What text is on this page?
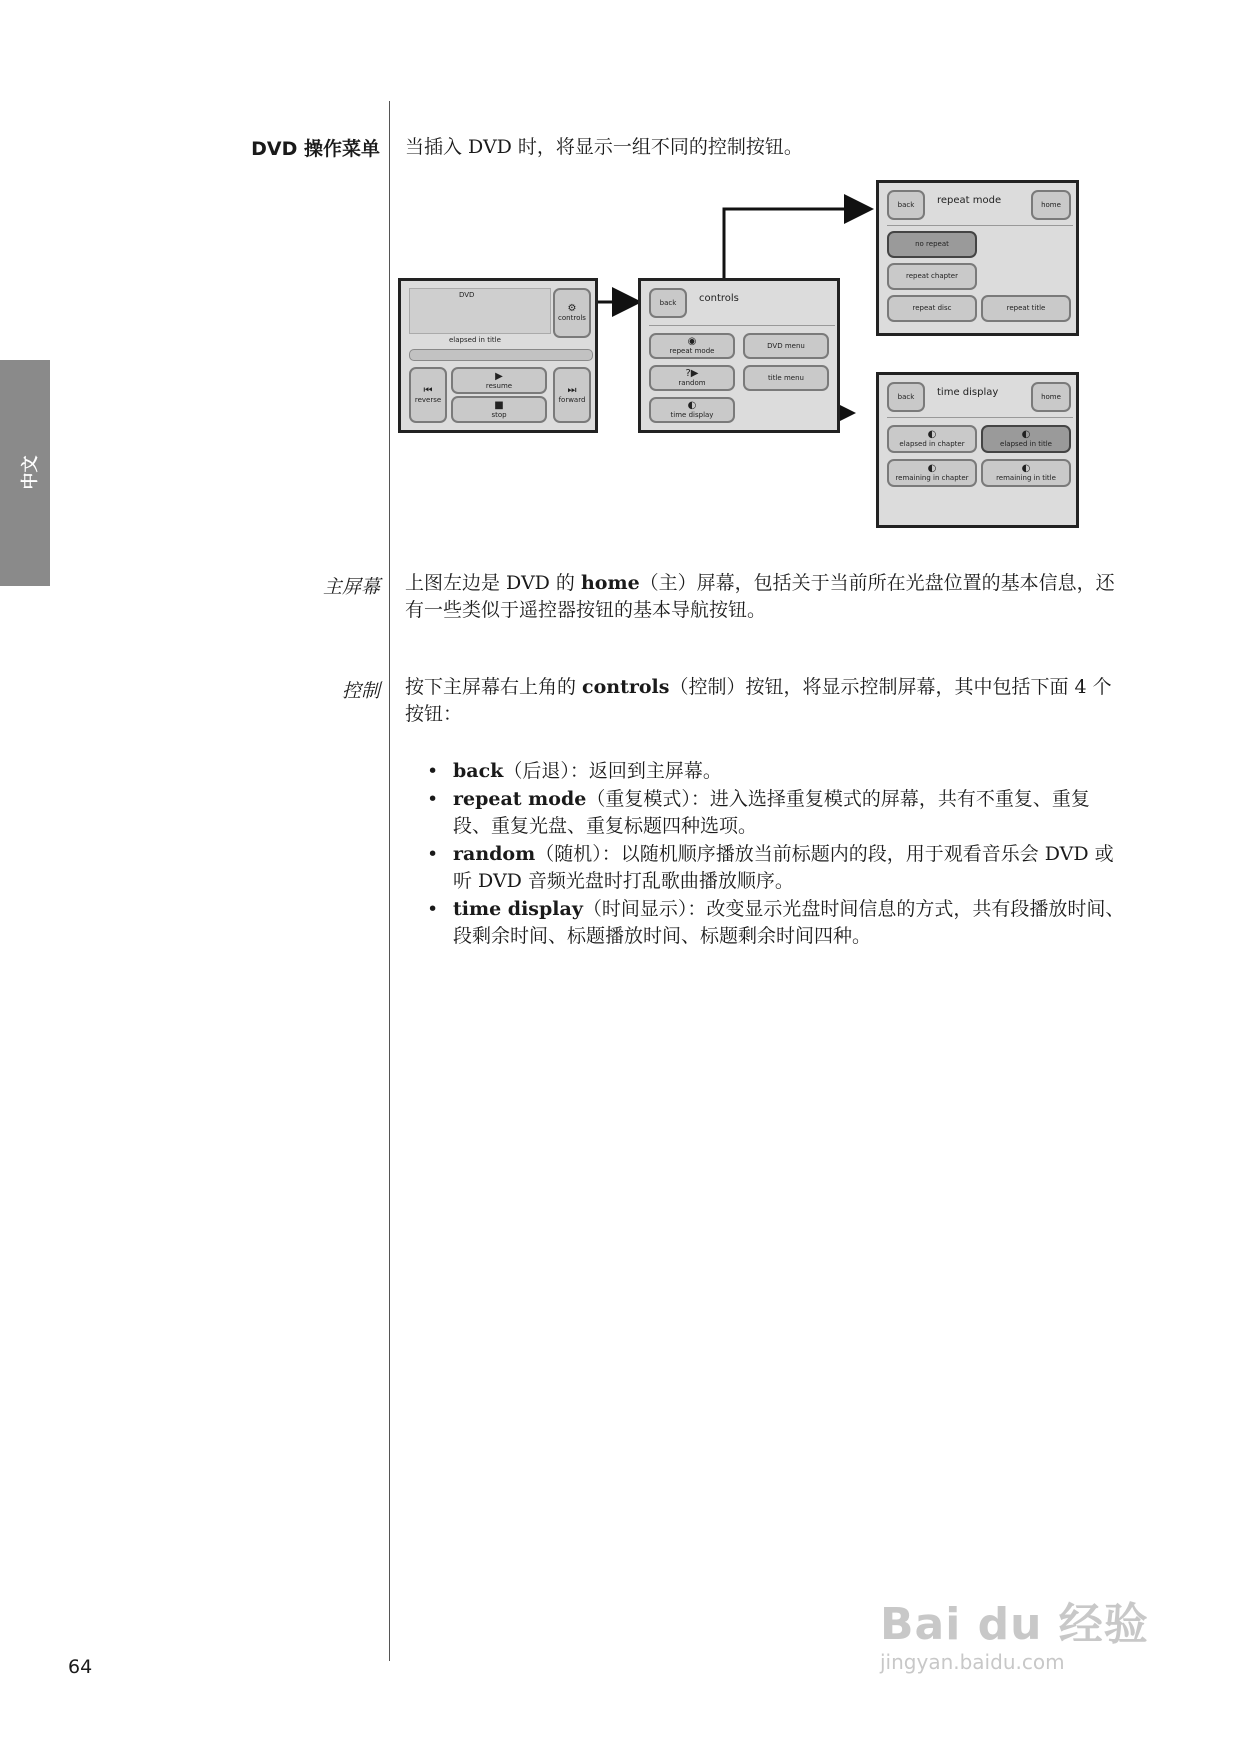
中文
DVD 操作菜单 当插入 DVD 时，将显示一组不同的控制按钮。
DVD
elapsed in title
⚙
controls
⏮
reverse
▶
resume
■
stop
⏭
forward
back	controls
◉
repeat mode
DVD menu
?▶
random
title menu
◐
time display
back	repeat mode	home
no repeat
repeat chapter
repeat disc	repeat title
back	time display	home
◐
elapsed in chapter
◐
elapsed in title
◐
remaining in chapter
◐
remaining in title
主屏幕 上图左边是 DVD 的 home（主）屏幕，包括关于当前所在光盘位置的基本信息，还有一些类似于遥控器按钮的基本导航按钮。
控制 按下主屏幕右上角的 controls（控制）按钮，将显示控制屏幕，其中包括下面 4 个按钮：
• back（后退）：返回到主屏幕。
• repeat mode（重复模式）：进入选择重复模式的屏幕，共有不重复、重复段、重复光盘、重复标题四种选项。
• random（随机）：以随机顺序播放当前标题内的段，用于观看音乐会 DVD 或听 DVD 音频光盘时打乱歌曲播放顺序。
• time display（时间显示）：改变显示光盘时间信息的方式，共有段播放时间、段剩余时间、标题播放时间、标题剩余时间四种。
64
Bai du 经验
jingyan.baidu.com
